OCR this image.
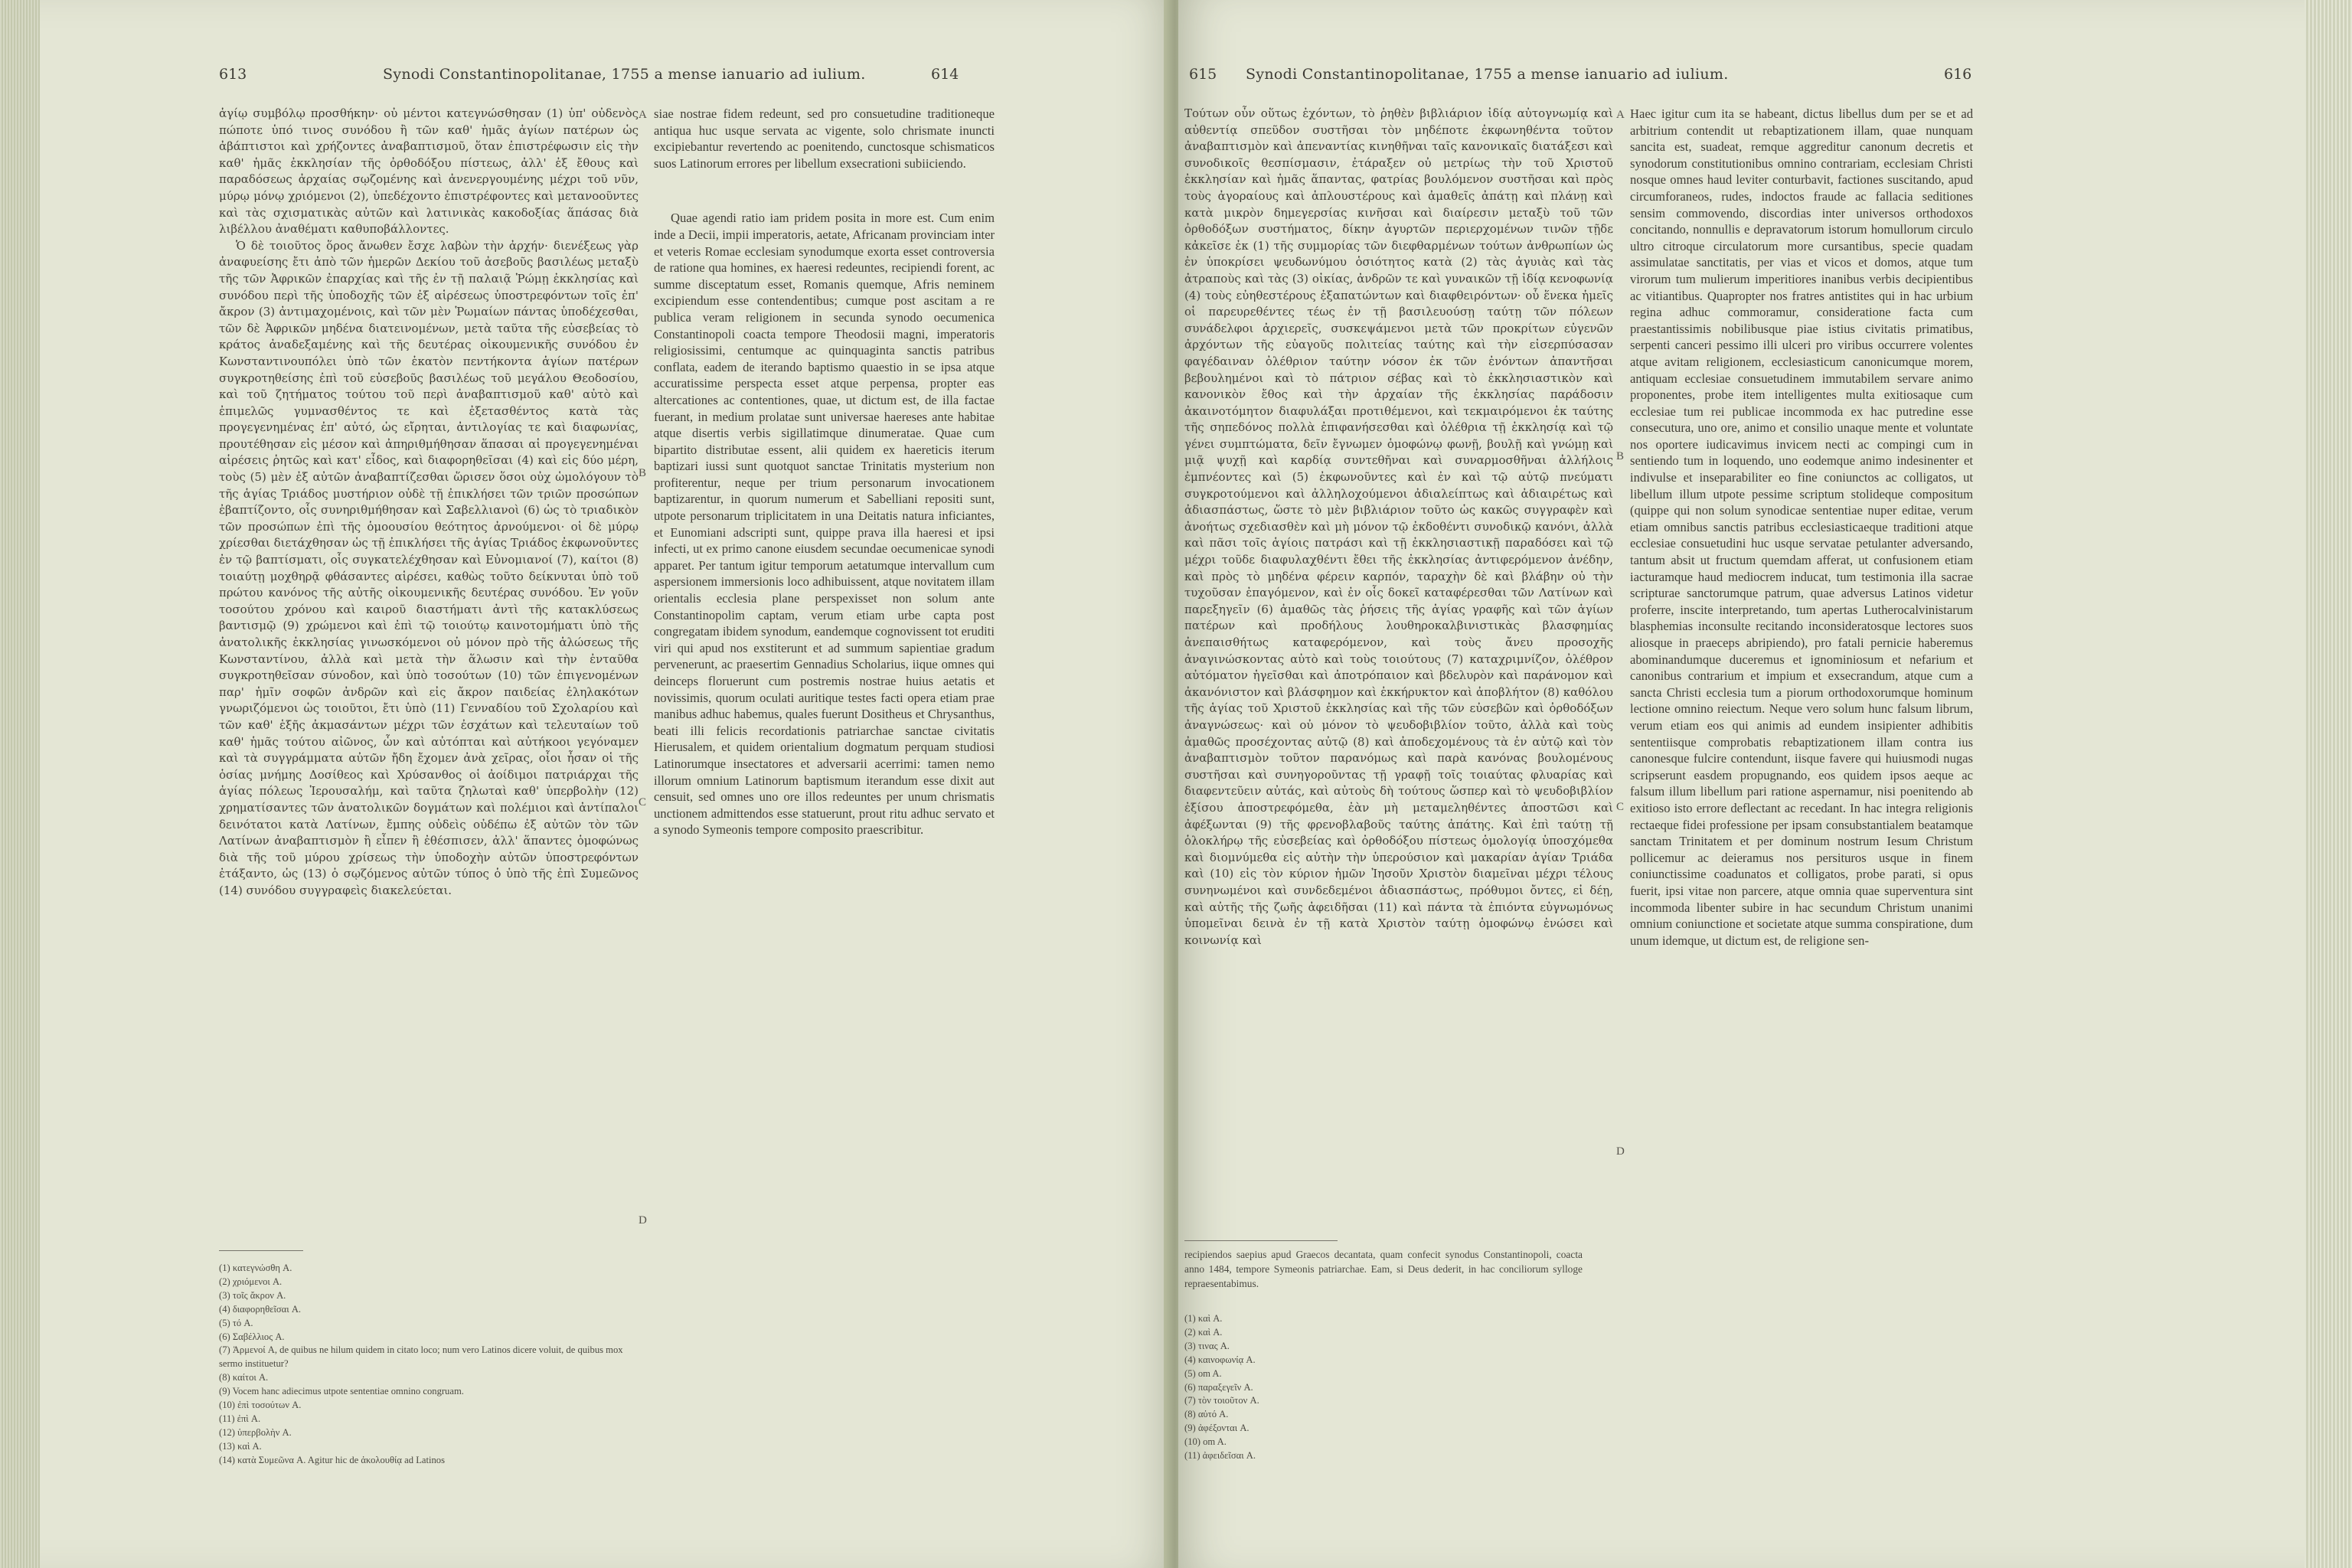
613	Synodi Constantinopolitanae, 1755 a mense ianuario ad iulium.	614

ἁγίῳ συμβόλῳ προσθήκην· οὐ μέντοι κατεγνώσθησαν (1) ὑπ' οὐδενὸς πώποτε ὑπό τινος συνόδου ἢ τῶν καθ' ἡμᾶς ἁγίων πατέρων ὡς ἀβάπτιστοι καὶ χρήζοντες ἀναβαπτισμοῦ, ὅταν ἐπιστρέφωσιν εἰς τὴν καθ' ἡμᾶς ἐκκλησίαν τῆς ὀρθοδόξου πίστεως, ἀλλ' ἐξ ἔθους καὶ παραδόσεως ἀρχαίας σῳζομένης καὶ ἀνενεργουμένης μέχρι τοῦ νῦν, μύρῳ μόνῳ χριόμενοι (2), ὑπεδέχοντο ἐπιστρέφοντες καὶ μετανοοῦντες καὶ τὰς σχισματικὰς αὐτῶν καὶ λατινικὰς κακοδοξίας ἅπάσας διὰ λιβέλλου ἀναθέματι καθυποβάλλοντες.

Ὁ δὲ τοιοῦτος ὅρος ἄνωθεν ἔσχε λαβὼν τὴν ἀρχήν· διενέξεως γὰρ ἀναφυείσης ἔτι ἀπὸ τῶν ἡμερῶν Δεκίου τοῦ ἀσεβοῦς βασιλέως μεταξὺ τῆς τῶν Ἀφρικῶν ἐπαρχίας καὶ τῆς ἐν τῇ παλαιᾷ Ῥώμῃ ἐκκλησίας καὶ συνόδου περὶ τῆς ὑποδοχῆς τῶν ἐξ αἱρέσεως ὑποστρεφόντων τοῖς ἐπ' ἄκρον (3) ἀντιμαχομένοις, καὶ τῶν μὲν Ῥωμαίων πάντας ὑποδέχεσθαι, τῶν δὲ Ἀφρικῶν μηδένα διατεινομένων, μετὰ ταῦτα τῆς εὐσεβείας τὸ κράτος ἀναδεξαμένης καὶ τῆς δευτέρας οἰκουμενικῆς συνόδου ἐν Κωνσταντινουπόλει ὑπὸ τῶν ἑκατὸν πεντήκοντα ἁγίων πατέρων συγκροτηθείσης ἐπὶ τοῦ εὐσεβοῦς βασιλέως τοῦ μεγάλου Θεοδοσίου, καὶ τοῦ ζητήματος τούτου τοῦ περὶ ἀναβαπτισμοῦ καθ' αὐτὸ καὶ ἐπιμελῶς γυμνασθέντος τε καὶ ἐξετασθέντος κατὰ τὰς προγεγενημένας ἐπ' αὐτό, ὡς εἴρηται, ἀντιλογίας τε καὶ διαφωνίας, προυτέθησαν εἰς μέσον καὶ ἀπηριθμήθησαν ἅπασαι αἱ προγεγενημέναι αἱρέσεις ῥητῶς καὶ κατ' εἶδος, καὶ διαφορηθεῖσαι (4) καὶ εἰς δύο μέρη, τοὺς (5) μὲν ἐξ αὐτῶν ἀναβαπτίζεσθαι ὥρισεν ὅσοι οὐχ ὡμολόγουν τὸ τῆς ἁγίας Τριάδος μυστήριον οὐδὲ τῇ ἐπικλήσει τῶν τριῶν προσώπων ἐβαπτίζοντο, οἷς συνηριθμήθησαν καὶ Σαβελλιανοὶ (6) ὡς τὸ τριαδικὸν τῶν προσώπων ἐπὶ τῆς ὁμοουσίου θεότητος ἀρνούμενοι· οἱ δὲ μύρῳ χρίεσθαι διετάχθησαν ὡς τῇ ἐπικλήσει τῆς ἁγίας Τριάδος ἐκφωνοῦντες ἐν τῷ βαπτίσματι, οἷς συγκατελέχθησαν καὶ Εὐνομιανοί (7), καίτοι (8) τοιαύτῃ μοχθηρᾷ φθάσαντες αἱρέσει, καθὼς τοῦτο δείκνυται ὑπὸ τοῦ πρώτου κανόνος τῆς αὐτῆς οἰκουμενικῆς δευτέρας συνόδου. Ἐν γοῦν τοσούτου χρόνου καὶ καιροῦ διαστήματι ἀντὶ τῆς κατακλύσεως βαντισμῷ (9) χρώμενοι καὶ ἐπὶ τῷ τοιούτῳ καινοτομήματι ὑπὸ τῆς ἀνατολικῆς ἐκκλησίας γινωσκόμενοι οὐ μόνον πρὸ τῆς ἁλώσεως τῆς Κωνσταντίνου, ἀλλὰ καὶ μετὰ τὴν ἅλωσιν καὶ τὴν ἐνταῦθα συγκροτηθεῖσαν σύνοδον, καὶ ὑπὸ τοσούτων (10) τῶν ἐπιγενομένων παρ' ἡμῖν σοφῶν ἀνδρῶν καὶ εἰς ἄκρον παιδείας ἐληλακότων γνωριζόμενοι ὡς τοιοῦτοι, ἔτι ὑπὸ (11) Γενναδίου τοῦ Σχολαρίου καὶ τῶν καθ' ἑξῆς ἀκμασάντων μέχρι τῶν ἐσχάτων καὶ τελευταίων τοῦ καθ' ἡμᾶς τούτου αἰῶνος, ὧν καὶ αὐτόπται καὶ αὐτήκοοι γεγόναμεν καὶ τὰ συγγράμματα αὐτῶν ἤδη ἔχομεν ἀνὰ χεῖρας, οἷοι ἦσαν οἱ τῆς ὁσίας μνήμης Δοσίθεος καὶ Χρύσανθος οἱ ἀοίδιμοι πατριάρχαι τῆς ἁγίας πόλεως Ἱερουσαλήμ, καὶ ταῦτα ζηλωταὶ καθ' ὑπερβολὴν (12) χρηματίσαντες τῶν ἀνατολικῶν δογμάτων καὶ πολέμιοι καὶ ἀντίπαλοι δεινότατοι κατὰ Λατίνων, ἔμπης οὐδεὶς οὐδέπω ἐξ αὐτῶν τὸν τῶν Λατίνων ἀναβαπτισμὸν ἢ εἶπεν ἢ ἐθέσπισεν, ἀλλ' ἅπαντες ὁμοφώνως διὰ τῆς τοῦ μύρου χρίσεως τὴν ὑποδοχὴν αὐτῶν ὑποστρεφόντων ἐτάξαντο, ὡς (13) ὁ σῳζόμενος αὐτῶν τύπος ὁ ὑπὸ τῆς ἐπὶ Συμεῶνος (14) συνόδου συγγραφεὶς διακελεύεται.

A
B
C
D

siae nostrae fidem redeunt, sed pro consuetudine traditioneque antiqua huc usque servata ac vigente, solo chrismate inuncti excipiebantur revertendo ac poenitendo, cunctosque schismaticos suos Latinorum errores per libellum exsecrationi subiiciendo.

Quae agendi ratio iam pridem posita in more est. Cum enim inde a Decii, impii imperatoris, aetate, Africanam provinciam inter et veteris Romae ecclesiam synodumque exorta esset controversia de ratione qua homines, ex haeresi redeuntes, recipiendi forent, ac summe disceptatum esset, Romanis quemque, Afris neminem excipiendum esse contendentibus; cumque post ascitam a re publica veram religionem in secunda synodo oecumenica Constantinopoli coacta tempore Theodosii magni, imperatoris religiosissimi, centumque ac quinquaginta sanctis patribus conflata, eadem de iterando baptismo quaestio in se ipsa atque accuratissime perspecta esset atque perpensa, propter eas altercationes ac contentiones, quae, ut dictum est, de illa factae fuerant, in medium prolatae sunt universae haereses ante habitae atque disertis verbis sigillatimque dinumeratae. Quae cum bipartito distributae essent, alii quidem ex haereticis iterum baptizari iussi sunt quotquot sanctae Trinitatis mysterium non profiterentur, neque per trium personarum invocationem baptizarentur, in quorum numerum et Sabelliani repositi sunt, utpote personarum triplicitatem in una Deitatis natura inficiantes, et Eunomiani adscripti sunt, quippe prava illa haeresi et ipsi infecti, ut ex primo canone eiusdem secundae oecumenicae synodi apparet. Per tantum igitur temporum aetatumque intervallum cum aspersionem immersionis loco adhibuissent, atque novitatem illam orientalis ecclesia plane perspexisset non solum ante Constantinopolim captam, verum etiam urbe capta post congregatam ibidem synodum, eandemque cognovissent tot eruditi viri qui apud nos exstiterunt et ad summum sapientiae gradum pervenerunt, ac praesertim Gennadius Scholarius, iique omnes qui deinceps floruerunt cum postremis nostrae huius aetatis et novissimis, quorum oculati auritique testes facti opera etiam prae manibus adhuc habemus, quales fuerunt Dositheus et Chrysanthus, beati illi felicis recordationis patriarchae sanctae civitatis Hierusalem, et quidem orientalium dogmatum perquam studiosi Latinorumque insectatores et adversarii acerrimi: tamen nemo illorum omnium Latinorum baptismum iterandum esse dixit aut censuit, sed omnes uno ore illos redeuntes per unum chrismatis unctionem admittendos esse statuerunt, prout ritu adhuc servato et a synodo Symeonis tempore composito praescribitur.

(1) κατεγνώσθη A.
(2) χριόμενοι A.
(3) τοῖς ἄκρον A.
(4) διαφορηθεῖσαι A.
(5) τό A.
(6) Σαβέλλιος A.
(7) Ἀρμενοί A, de quibus ne hilum quidem in citato loco; num vero Latinos dicere voluit, de quibus mox sermo instituetur?
(8) καίτοι A.
(9) Vocem hanc adiecimus utpote sententiae omnino congruam.
(10) ἐπὶ τοσούτων A.
(11) ἐπὶ A.
(12) ὑπερβολὴν A.
(13) καὶ A.
(14) κατὰ Συμεῶνα A. Agitur hic de ἀκολουθίᾳ ad Latinos
615 Synodi Constantinopolitanae, 1755 a mense ianuario ad iulium.	616

Τούτων οὖν οὕτως ἐχόντων, τὸ ῥηθὲν βιβλιάριον ἰδίᾳ αὐτογνωμίᾳ καὶ αὐθεντίᾳ σπεῦδον συστῆσαι τὸν μηδέποτε ἐκφωνηθέντα τοῦτον ἀναβαπτισμὸν καὶ ἀπεναντίας κινηθῆναι ταῖς κανονικαῖς διατάξεσι καὶ συνοδικοῖς θεσπίσμασιν, ἐτάραξεν οὐ μετρίως τὴν τοῦ Χριστοῦ ἐκκλησίαν καὶ ἡμᾶς ἅπαντας, φατρίας βουλόμενον συστῆσαι καὶ πρὸς τοὺς ἀγοραίους καὶ ἁπλουστέρους καὶ ἀμαθεῖς ἀπάτῃ καὶ πλάνῃ καὶ κατὰ μικρὸν δημεγερσίας κινῆσαι καὶ διαίρεσιν μεταξὺ τοῦ τῶν ὀρθοδόξων συστήματος, δίκην ἀγυρτῶν περιερχομένων τινῶν τῇδε κἀκεῖσε ἐκ (1) τῆς συμμορίας τῶν διεφθαρμένων τούτων ἀνθρωπίων ὡς ἐν ὑποκρίσει ψευδωνύμου ὁσιότητος κατὰ (2) τὰς ἀγυιὰς καὶ τὰς ἀτραποὺς καὶ τὰς (3) οἰκίας, ἀνδρῶν τε καὶ γυναικῶν τῇ ἰδίᾳ κενοφωνίᾳ (4) τοὺς εὐηθεστέρους ἐξαπατώντων καὶ διαφθειρόντων· οὗ ἕνεκα ἡμεῖς οἱ παρευρεθέντες τέως ἐν τῇ βασιλευούσῃ ταύτῃ τῶν πόλεων συνάδελφοι ἀρχιερεῖς, συσκεψάμενοι μετὰ τῶν προκρίτων εὐγενῶν ἀρχόντων τῆς εὐαγοῦς πολιτείας ταύτης καὶ τὴν εἰσερπύσασαν φαγέδαιναν ὀλέθριον ταύτην νόσον ἐκ τῶν ἐνόντων ἀπαντῆσαι βεβουλημένοι καὶ τὸ πάτριον σέβας καὶ τὸ ἐκκλησιαστικὸν καὶ κανονικὸν ἔθος καὶ τὴν ἀρχαίαν τῆς ἐκκλησίας παράδοσιν ἀκαινοτόμητον διαφυλάξαι προτιθέμενοι, καὶ τεκμαιρόμενοι ἐκ ταύτης τῆς σηπεδόνος πολλὰ ἐπιφανήσεσθαι καὶ ὀλέθρια τῇ ἐκκλησίᾳ καὶ τῷ γένει συμπτώματα, δεῖν ἔγνωμεν ὁμοφώνῳ φωνῇ, βουλῇ καὶ γνώμῃ καὶ μιᾷ ψυχῇ καὶ καρδίᾳ συντεθῆναι καὶ συναρμοσθῆναι ἀλλήλοις ἐμπνέοντες καὶ (5) ἐκφωνοῦντες καὶ ἐν καὶ τῷ αὐτῷ πνεύματι συγκροτούμενοι καὶ ἀλληλοχούμενοι ἀδιαλείπτως καὶ ἀδιαιρέτως καὶ ἀδιασπάστως, ὥστε τὸ μὲν βιβλιάριον τοῦτο ὡς κακῶς συγγραφὲν καὶ ἀνοήτως σχεδιασθὲν καὶ μὴ μόνον τῷ ἐκδοθέντι συνοδικῷ κανόνι, ἀλλὰ καὶ πᾶσι τοῖς ἁγίοις πατράσι καὶ τῇ ἐκκλησιαστικῇ παραδόσει καὶ τῷ μέχρι τοῦδε διαφυλαχθέντι ἔθει τῆς ἐκκλησίας ἀντιφερόμενον ἀνέδην, καὶ πρὸς τὸ μηδένα φέρειν καρπόν, ταραχὴν δὲ καὶ βλάβην οὐ τὴν τυχοῦσαν ἐπαγόμενον, καὶ ἐν οἷς δοκεῖ καταφέρεσθαι τῶν Λατίνων καὶ παρεξηγεῖν (6) ἀμαθῶς τὰς ῥήσεις τῆς ἁγίας γραφῆς καὶ τῶν ἁγίων πατέρων καὶ προδήλους λουθηροκαλβινιστικὰς βλασφημίας ἀνεπαισθήτως καταφερόμενον, καὶ τοὺς ἄνευ προσοχῆς ἀναγινώσκοντας αὐτὸ καὶ τοὺς τοιούτους (7) καταχριμνίζον, ὀλέθρον αὐτόματον ἡγεῖσθαι καὶ ἀποτρόπαιον καὶ βδελυρὸν καὶ παράνομον καὶ ἀκανόνιστον καὶ βλάσφημον καὶ ἐκκήρυκτον καὶ ἀποβλήτον (8) καθόλου τῆς ἁγίας τοῦ Χριστοῦ ἐκκλησίας καὶ τῆς τῶν εὐσεβῶν καὶ ὀρθοδόξων ἀναγνώσεως· καὶ οὐ μόνον τὸ ψευδοβιβλίον τοῦτο, ἀλλὰ καὶ τοὺς ἀμαθῶς προσέχοντας αὐτῷ (8) καὶ ἀποδεχομένους τὰ ἐν αὐτῷ καὶ τὸν ἀναβαπτισμὸν τοῦτον παρανόμως καὶ παρὰ κανόνας βουλομένους συστῆσαι καὶ συνηγοροῦντας τῇ γραφῇ τοῖς τοιαύτας φλυαρίας καὶ διαφεντεῦειν αὐτάς, καὶ αὐτοὺς δὴ τούτους ὥσπερ καὶ τὸ ψευδοβιβλίον ἐξίσου ἀποστρεφόμεθα, ἐὰν μὴ μεταμεληθέντες ἀποστῶσι καὶ ἀφέξωνται (9) τῆς φρενοβλαβοῦς ταύτης ἀπάτης. Καὶ ἐπὶ ταύτῃ τῇ ὁλοκλήρῳ τῆς εὐσεβείας καὶ ὀρθοδόξου πίστεως ὁμολογίᾳ ὑποσχόμεθα καὶ διομνύμεθα εἰς αὐτὴν τὴν ὑπερούσιον καὶ μακαρίαν ἁγίαν Τριάδα καὶ (10) εἰς τὸν κύριον ἡμῶν Ἰησοῦν Χριστὸν διαμεῖναι μέχρι τέλους συνηνωμένοι καὶ συνδεδεμένοι ἀδιασπάστως, πρόθυμοι ὄντες, εἰ δέῃ, καὶ αὐτῆς τῆς ζωῆς ἀφειδῆσαι (11) καὶ πάντα τὰ ἐπιόντα εὐγνωμόνως ὑπομεῖναι δεινὰ ἐν τῇ κατὰ Χριστὸν ταύτῃ ὁμοφώνῳ ἑνώσει καὶ κοινωνίᾳ καὶ

A
B
C
D

Haec igitur cum ita se habeant, dictus libellus dum per se et ad arbitrium contendit ut rebaptizationem illam, quae nunquam sancita est, suadeat, remque aggreditur canonum decretis et synodorum constitutionibus omnino contrariam, ecclesiam Christi nosque omnes haud leviter conturbavit, factiones suscitando, apud circumforaneos, rudes, indoctos fraude ac fallacia seditiones sensim commovendo, discordias inter universos orthodoxos concitando, nonnullis e depravatorum istorum homullorum circulo ultro citroque circulatorum more cursantibus, specie quadam assimulatae sanctitatis, per vias et vicos et domos, atque tum virorum tum mulierum imperitiores inanibus verbis decipientibus ac vitiantibus. Quapropter nos fratres antistites qui in hac urbium regina adhuc commoramur, consideratione facta cum praestantissimis nobilibusque piae istius civitatis primatibus, serpenti canceri pessimo illi ulceri pro viribus occurrere volentes atque avitam religionem, ecclesiasticum canonicumque morem, antiquam ecclesiae consuetudinem immutabilem servare animo proponentes, probe item intelligentes multa exitiosaque cum ecclesiae tum rei publicae incommoda ex hac putredine esse consecutura, uno ore, animo et consilio unaque mente et voluntate nos oportere iudicavimus invicem necti ac compingi cum in sentiendo tum in loquendo, uno eodemque animo indesinenter et indivulse et inseparabiliter eo fine coniunctos ac colligatos, ut libellum illum utpote pessime scriptum stolideque compositum (quippe qui non solum synodicae sententiae nuper editae, verum etiam omnibus sanctis patribus ecclesiasticaeque traditioni atque ecclesiae consuetudini huc usque servatae petulanter adversando, tantum absit ut fructum quemdam afferat, ut confusionem etiam iacturamque haud mediocrem inducat, tum testimonia illa sacrae scripturae sanctorumque patrum, quae adversus Latinos videtur proferre, inscite interpretando, tum apertas Lutherocalvinistarum blasphemias inconsulte recitando inconsideratosque lectores suos aliosque in praeceps abripiendo), pro fatali pernicie haberemus abominandumque duceremus et ignominiosum et nefarium et canonibus contrarium et impium et exsecrandum, atque cum a sancta Christi ecclesia tum a piorum orthodoxorumque hominum lectione omnino reiectum. Neque vero solum hunc falsum librum, verum etiam eos qui animis ad eundem insipienter adhibitis sententiisque comprobatis rebaptizationem illam contra ius canonesque fulcire contendunt, iisque favere qui huiusmodi nugas scripserunt easdem propugnando, eos quidem ipsos aeque ac falsum illum libellum pari ratione aspernamur, nisi poenitendo ab exitioso isto errore deflectant ac recedant. In hac integra religionis rectaeque fidei professione per ipsam consubstantialem beatamque sanctam Trinitatem et per dominum nostrum Iesum Christum pollicemur ac deieramus nos persituros usque in finem coniunctissime coadunatos et colligatos, probe parati, si opus fuerit, ipsi vitae non parcere, atque omnia quae superventura sint incommoda libenter subire in hac secundum Christum unanimi omnium coniunctione et societate atque summa conspiratione, dum unum idemque, ut dictum est, de religione sen-

recipiendos saepius apud Graecos decantata, quam confecit synodus Constantinopoli, coacta anno 1484, tempore Symeonis patriarchae. Eam, si Deus dederit, in hac conciliorum sylloge repraesentabimus.
(1) καὶ A.
(2) καὶ A.
(3) τινας A.
(4) καινοφωνίᾳ A.
(5) om A.
(6) παραξεγεῖν A.
(7) τὸν τοιοῦτον A.
(8) αὐτό A.
(9) ἀφέξονται A.
(10) om A.
(11) ἀφειδεῖσαι A.
